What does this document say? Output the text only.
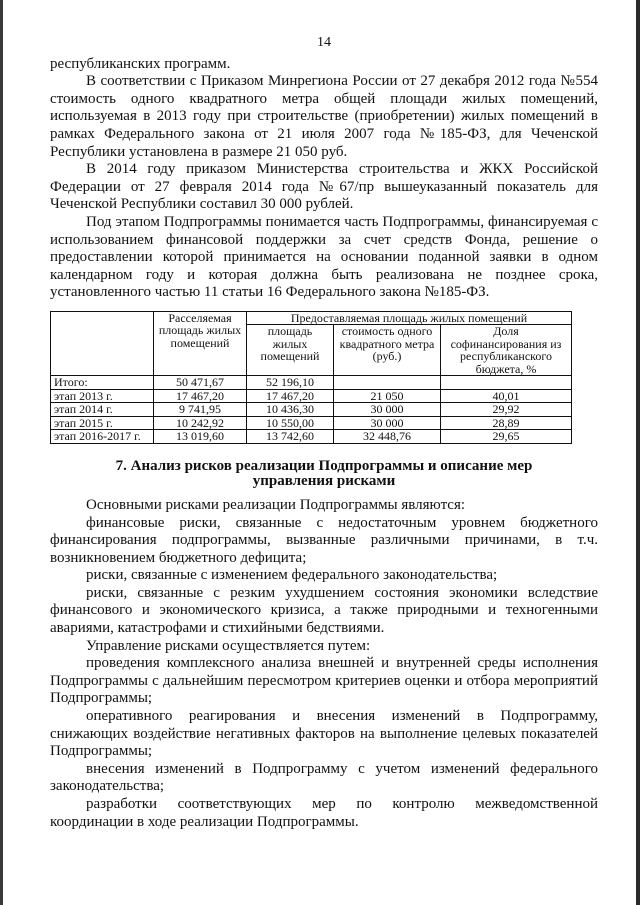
14

республиканских программ.

В соответствии с Приказом Минрегиона России от 27 декабря 2012 года №554 стоимость одного квадратного метра общей площади жилых помещений, используемая в 2013 году при строительстве (приобретении) жилых помещений в рамках Федерального закона от 21 июля 2007 года №185-ФЗ, для Чеченской Республики установлена в размере 21 050 руб.

В 2014 году приказом Министерства строительства и ЖКХ Российской Федерации от 27 февраля 2014 года №67/пр вышеуказанный показатель для Чеченской Республики составил 30 000 рублей.

Под этапом Подпрограммы понимается часть Подпрограммы, финансируемая с использованием финансовой поддержки за счет средств Фонда, решение о предоставлении которой принимается на основании поданной заявки в одном календарном году и которая должна быть реализована не позднее срока, установленного частью 11 статьи 16 Федерального закона №185-ФЗ.

	Расселяемая площадь жилых помещений	Предоставляемая площадь жилых помещений		
		площадь жилых помещений	стоимость одного квадратного метра (руб.)	Доля софинансирования из республиканского бюджета, %
Итого:	50 471,67	52 196,10		
этап 2013 г.	17 467,20	17 467,20	21 050	40,01
этап 2014 г.	9 741,95	10 436,30	30 000	29,92
этап 2015 г.	10 242,92	10 550,00	30 000	28,89
этап 2016-2017 г.	13 019,60	13 742,60	32 448,76	29,65
7. Анализ рисков реализации Подпрограммы и описание мер
управления рисками

Основными рисками реализации Подпрограммы являются:

финансовые риски, связанные с недостаточным уровнем бюджетного финансирования подпрограммы, вызванные различными причинами, в т.ч. возникновением бюджетного дефицита;

риски, связанные с изменением федерального законодательства;

риски, связанные с резким ухудшением состояния экономики вследствие финансового и экономического кризиса, а также природными и техногенными авариями, катастрофами и стихийными бедствиями.

Управление рисками осуществляется путем:

проведения комплексного анализа внешней и внутренней среды исполнения Подпрограммы с дальнейшим пересмотром критериев оценки и отбора мероприятий Подпрограммы;

оперативного реагирования и внесения изменений в Подпрограмму, снижающих воздействие негативных факторов на выполнение целевых показателей Подпрограммы;

внесения изменений в Подпрограмму с учетом изменений федерального законодательства;

разработки соответствующих мер по контролю межведомственной координации в ходе реализации Подпрограммы.
